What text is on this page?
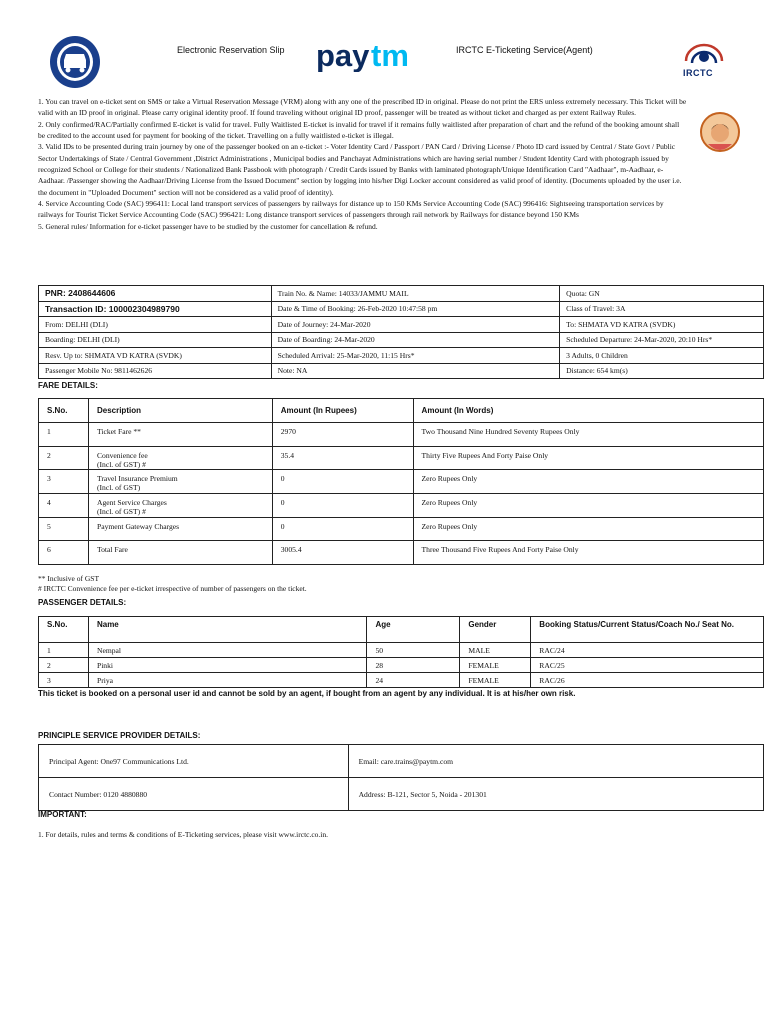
Electronic Reservation Slip pay tm	IRCTC E-Ticketing Service(Agent)
IRCTC

1. You can travel on e-ticket sent on SMS or take a Virtual Reservation Message (VRM) along with any one of the prescribed ID in original. Please do not print the ERS unless extremely necessary. This Ticket will be valid with an ID proof in original. Please carry original identity proof. If found traveling without original ID proof, passenger will be treated as without ticket and charged as per extent Railway Rules.

2. Only confirmed/RAC/Partially confirmed E-ticket is valid for travel. Fully Waitlisted E-ticket is invalid for travel if it remains fully waitlisted after preparation of chart and the refund of the booking amount shall be credited to the account used for payment for booking of the ticket. Travelling on a fully waitlisted e-ticket is illegal.

3. Valid IDs to be presented during train journey by one of the passenger booked on an e-ticket :- Voter Identity Card / Passport / PAN Card / Driving License / Photo ID card issued by Central / State Govt / Public Sector Undertakings of State / Central Government ,District Administrations , Municipal bodies and Panchayat Administrations which are having serial number / Student Identity Card with photograph issued by recognized School or College for their students / Nationalized Bank Passbook with photograph / Credit Cards issued by Banks with laminated photograph/Unique Identification Card "Aadhaar", m-Aadhaar, e-Aadhaar. /Passenger showing the Aadhaar/Driving License from the Issued Document" section by logging into his/her Digi Locker account considered as valid proof of identity. (Documents uploaded by the user i.e. the document in "Uploaded Document" section will not be considered as a valid proof of identity).

4. Service Accounting Code (SAC) 996411: Local land transport services of passengers by railways for distance up to 150 KMs Service Accounting Code (SAC) 996416: Sightseeing transportation services by railways for Tourist Ticket Service Accounting Code (SAC) 996421: Long distance transport services of passengers through rail network by Railways for distance beyond 150 KMs

5. General rules/ Information for e-ticket passenger have to be studied by the customer for cancellation & refund.

PNR: 2408644606	Train No. & Name: 14033/JAMMU MAIL	Quota: GN
Transaction ID: 100002304989790	Date & Time of Booking: 26-Feb-2020 10:47:58 pm	Class of Travel: 3A
From: DELHI (DLI)	Date of Journey: 24-Mar-2020	To: SHMATA VD KATRA (SVDK)
Boarding: DELHI (DLI)	Date of Boarding: 24-Mar-2020	Scheduled Departure: 24-Mar-2020, 20:10 Hrs*
Resv. Up to: SHMATA VD KATRA (SVDK)	Scheduled Arrival: 25-Mar-2020, 11:15 Hrs*	3 Adults, 0 Children
Passenger Mobile No: 9811462626	Note: NA	Distance: 654 km(s)
FARE DETAILS:
S.No.	Description	Amount (In Rupees)	Amount (In Words)
1	Ticket Fare **	2970	Two Thousand Nine Hundred Seventy Rupees Only
2	Convenience fee
(Incl. of GST) #	35.4	Thirty Five Rupees And Forty Paise Only
3	Travel Insurance Premium
(Incl. of GST)	0	Zero Rupees Only
4	Agent Service Charges
(Incl. of GST) #	0	Zero Rupees Only
5	Payment Gateway Charges	0	Zero Rupees Only
6	Total Fare	3005.4	Three Thousand Five Rupees And Forty Paise Only
** Inclusive of GST
# IRCTC Convenience fee per e-ticket irrespective of number of passengers on the ticket.
PASSENGER DETAILS:
S.No.	Name	Age	Gender	Booking Status/Current Status/Coach No./ Seat No.
1	Nempal	50	MALE	RAC/24
2	Pinki	28	FEMALE	RAC/25
3	Priya	24	FEMALE	RAC/26
This ticket is booked on a personal user id and cannot be sold by an agent, if bought from an agent by any individual. It is at his/her own risk.
PRINCIPLE SERVICE PROVIDER DETAILS:
Principal Agent: One97 Communications Ltd.	Email: care.trains@paytm.com
Contact Number: 0120 4880880	Address: B-121, Sector 5, Noida - 201301
IMPORTANT:
1. For details, rules and terms & conditions of E-Ticketing services, please visit www.irctc.co.in.
